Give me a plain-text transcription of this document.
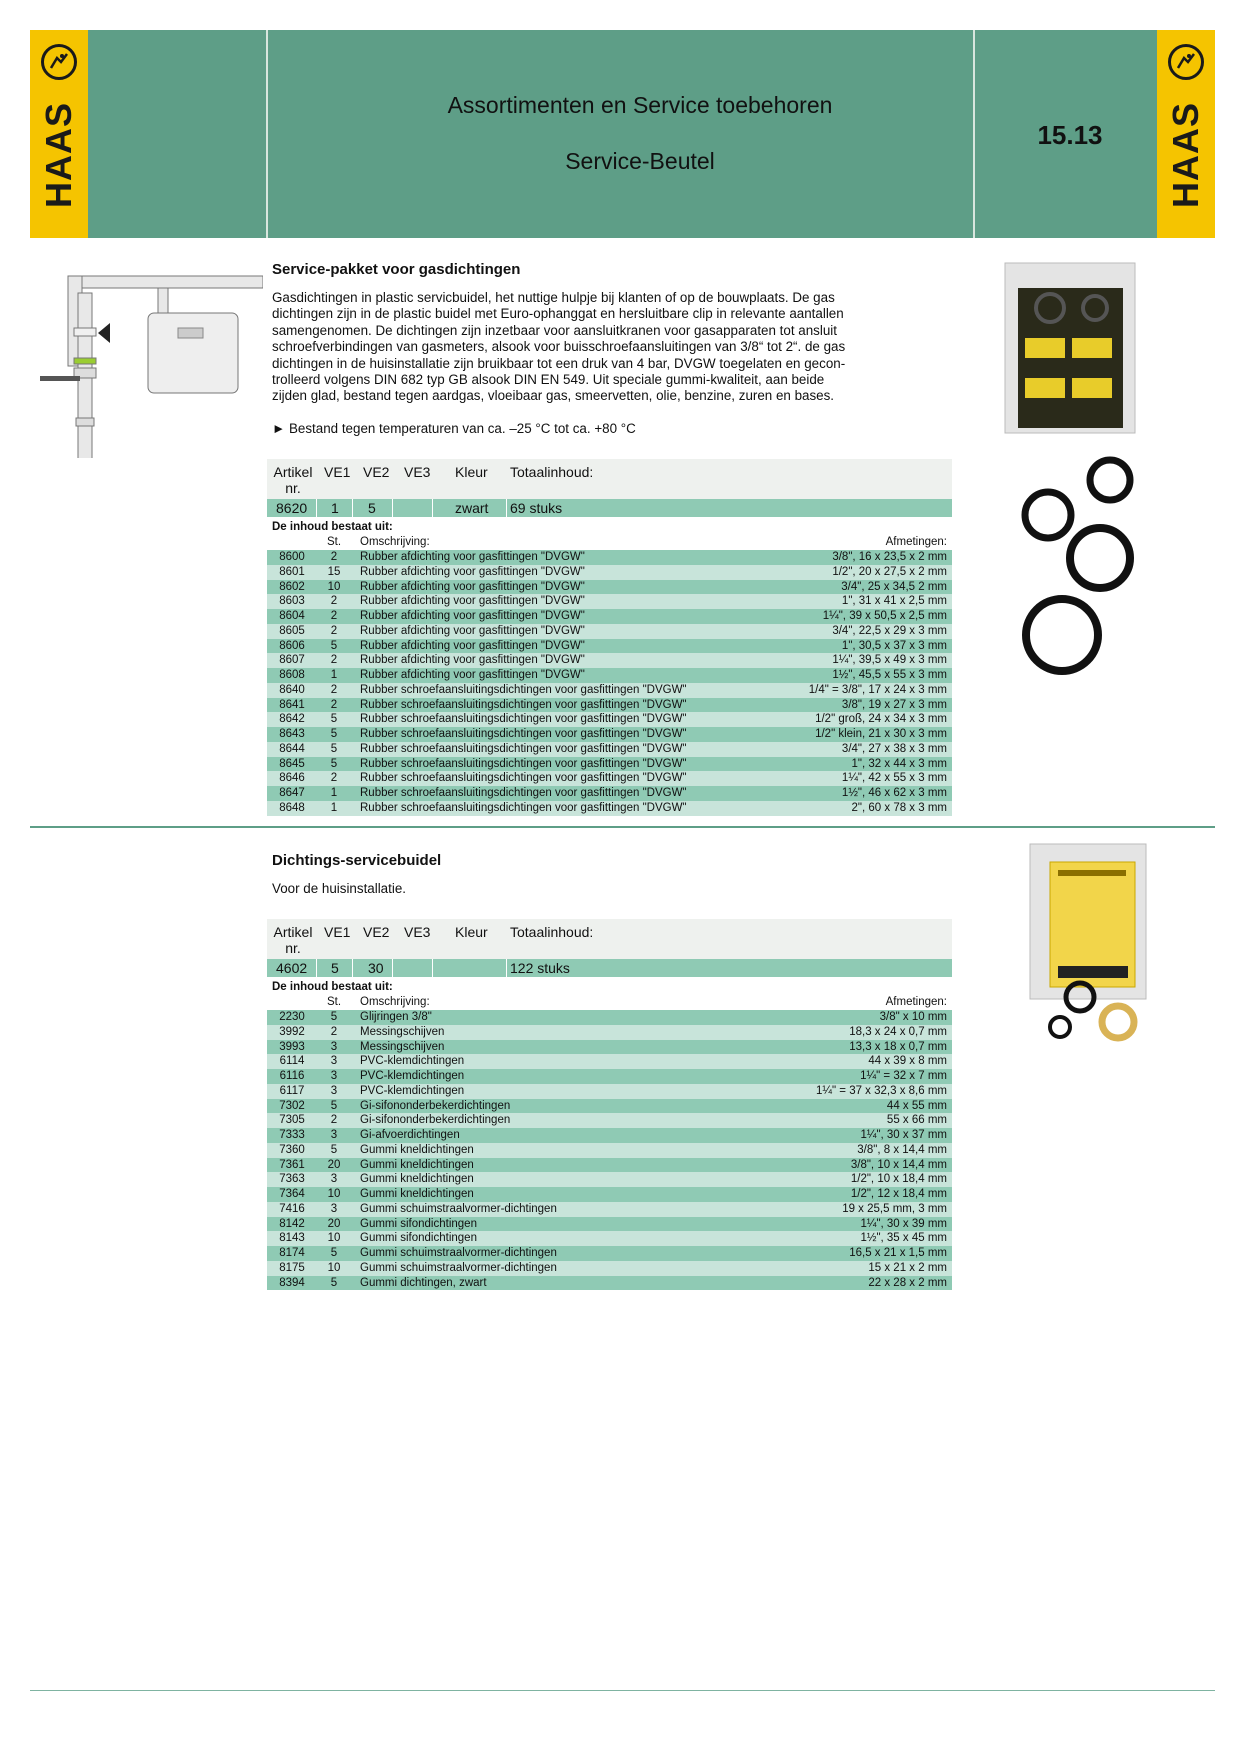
HAAS	Assortimenten en Service toebehoren
Service-Beutel
15.13	HAAS
Service-pakket voor gasdichtingen
Gasdichtingen in plastic servicbuidel, het nuttige hulpje bij klanten of op de bouwplaats. De gas
dichtingen zijn in de plastic buidel met Euro-ophanggat en hersluitbare clip in relevante aantallen
samengenomen. De dichtingen zijn inzetbaar voor aansluitkranen voor gasapparaten tot ansluit
schroefverbindingen van gasmeters, alsook voor buisschroefaansluitingen van 3/8“ tot 2“. de gas
dichtingen in de huisinstallatie zijn bruikbaar tot een druk van 4 bar, DVGW toegelaten en gecon-
trolleerd volgens DIN 682 typ GB alsook DIN EN 549. Uit speciale gummi-kwaliteit, aan beide
zijden glad, bestand tegen aardgas, vloeibaar gas, smeervetten, olie, benzine, zuren en bases.
► Bestand tegen temperaturen van ca. –25 °C tot ca. +80 °C
Artikel
nr.
VE1 VE2 VE3 Kleur Totaalinhoud:
8620 1 5	zwart 69 stuks
De inhoud bestaat uit:
St. Omschrijving:	Afmetingen:
8600	2	Rubber afdichting voor gasfittingen "DVGW"	3/8", 16 x 23,5 x 2 mm
8601	15	Rubber afdichting voor gasfittingen "DVGW"	1/2", 20 x 27,5 x 2 mm
8602	10	Rubber afdichting voor gasfittingen "DVGW"	3/4", 25 x 34,5 2 mm
8603	2	Rubber afdichting voor gasfittingen "DVGW"	1", 31 x 41 x 2,5 mm
8604	2	Rubber afdichting voor gasfittingen "DVGW"	1¼", 39 x 50,5 x 2,5 mm
8605	2	Rubber afdichting voor gasfittingen "DVGW"	3/4", 22,5 x 29 x 3 mm
8606	5	Rubber afdichting voor gasfittingen "DVGW"	1", 30,5 x 37 x 3 mm
8607	2	Rubber afdichting voor gasfittingen "DVGW"	1¼", 39,5 x 49 x 3 mm
8608	1	Rubber afdichting voor gasfittingen "DVGW"	1½", 45,5 x 55 x 3 mm
8640	2	Rubber schroefaansluitingsdichtingen voor gasfittingen "DVGW"	1/4" = 3/8", 17 x 24 x 3 mm
8641	2	Rubber schroefaansluitingsdichtingen voor gasfittingen "DVGW"	3/8", 19 x 27 x 3 mm
8642	5	Rubber schroefaansluitingsdichtingen voor gasfittingen "DVGW"	1/2" groß, 24 x 34 x 3 mm
8643	5	Rubber schroefaansluitingsdichtingen voor gasfittingen "DVGW"	1/2" klein, 21 x 30 x 3 mm
8644	5	Rubber schroefaansluitingsdichtingen voor gasfittingen "DVGW"	3/4", 27 x 38 x 3 mm
8645	5	Rubber schroefaansluitingsdichtingen voor gasfittingen "DVGW"	1", 32 x 44 x 3 mm
8646	2	Rubber schroefaansluitingsdichtingen voor gasfittingen "DVGW"	1¼", 42 x 55 x 3 mm
8647	1	Rubber schroefaansluitingsdichtingen voor gasfittingen "DVGW"	1½", 46 x 62 x 3 mm
8648	1	Rubber schroefaansluitingsdichtingen voor gasfittingen "DVGW"	2", 60 x 78 x 3 mm
Dichtings-servicebuidel
Voor de huisinstallatie.
Artikel
nr.
VE1 VE2 VE3 Kleur Totaalinhoud:
4602 5 30	122 stuks
De inhoud bestaat uit:
St. Omschrijving:	Afmetingen:
2230	5	Glijringen 3/8"	3/8" x 10 mm
3992	2	Messingschijven	18,3 x 24 x 0,7 mm
3993	3	Messingschijven	13,3 x 18 x 0,7 mm
6114	3	PVC-klemdichtingen	44 x 39 x 8 mm
6116	3	PVC-klemdichtingen	1¼" = 32 x 7 mm
6117	3	PVC-klemdichtingen	1¼" = 37 x 32,3 x 8,6 mm
7302	5	Gi-sifononderbekerdichtingen	44 x 55 mm
7305	2	Gi-sifononderbekerdichtingen	55 x 66 mm
7333	3	Gi-afvoerdichtingen	1¼", 30 x 37 mm
7360	5	Gummi kneldichtingen	3/8", 8 x 14,4 mm
7361	20	Gummi kneldichtingen	3/8", 10 x 14,4 mm
7363	3	Gummi kneldichtingen	1/2", 10 x 18,4 mm
7364	10	Gummi kneldichtingen	1/2", 12 x 18,4 mm
7416	3	Gummi schuimstraalvormer-dichtingen	19 x 25,5 mm, 3 mm
8142	20	Gummi sifondichtingen	1¼", 30 x 39 mm
8143	10	Gummi sifondichtingen	1½", 35 x 45 mm
8174	5	Gummi schuimstraalvormer-dichtingen	16,5 x 21 x 1,5 mm
8175	10	Gummi schuimstraalvormer-dichtingen	15 x 21 x 2 mm
8394	5	Gummi dichtingen, zwart	22 x 28 x 2 mm
